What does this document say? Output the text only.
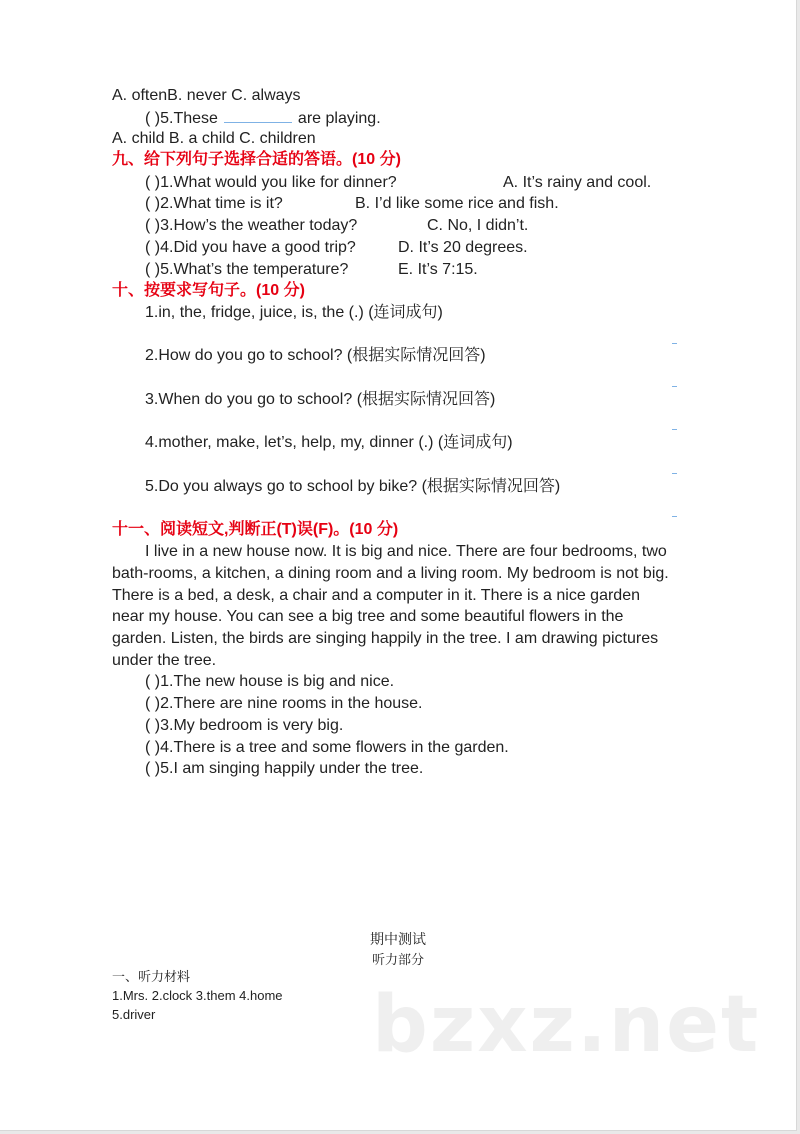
A. oftenB. never C. always
( )5.These	are playing.
A. child B. a child C. children
九、给下列句子选择合适的答语。(10 分)
( )1.What would you like for dinner?	A. It’s rainy and cool.
( )2.What time is it?	B. I’d like some rice and fish.
( )3.How’s the weather today?	C. No, I didn’t.
( )4.Did you have a good trip?	D. It’s 20 degrees.
( )5.What’s the temperature?	E. It’s 7:15.
十、按要求写句子。(10 分)
1.in, the, fridge, juice, is, the (.) (连词成句)
2.How do you go to school? (根据实际情况回答)
3.When do you go to school? (根据实际情况回答)
4.mother, make, let’s, help, my, dinner (.) (连词成句)
5.Do you always go to school by bike? (根据实际情况回答)
十一、阅读短文,判断正(T)误(F)。(10 分)
I live in a new house now. It is big and nice. There are four bedrooms, two
bath-rooms, a kitchen, a dining room and a living room. My bedroom is not big.
There is a bed, a desk, a chair and a computer in it. There is a nice garden
near my house. You can see a big tree and some beautiful flowers in the
garden. Listen, the birds are singing happily in the tree. I am drawing pictures
under the tree.
( )1.The new house is big and nice.
( )2.There are nine rooms in the house.
( )3.My bedroom is very big.
( )4.There is a tree and some flowers in the garden.
( )5.I am singing happily under the tree.
期中测试
听力部分
一、听力材料
1.Mrs. 2.clock 3.them 4.home
5.driver	bzxz.net
